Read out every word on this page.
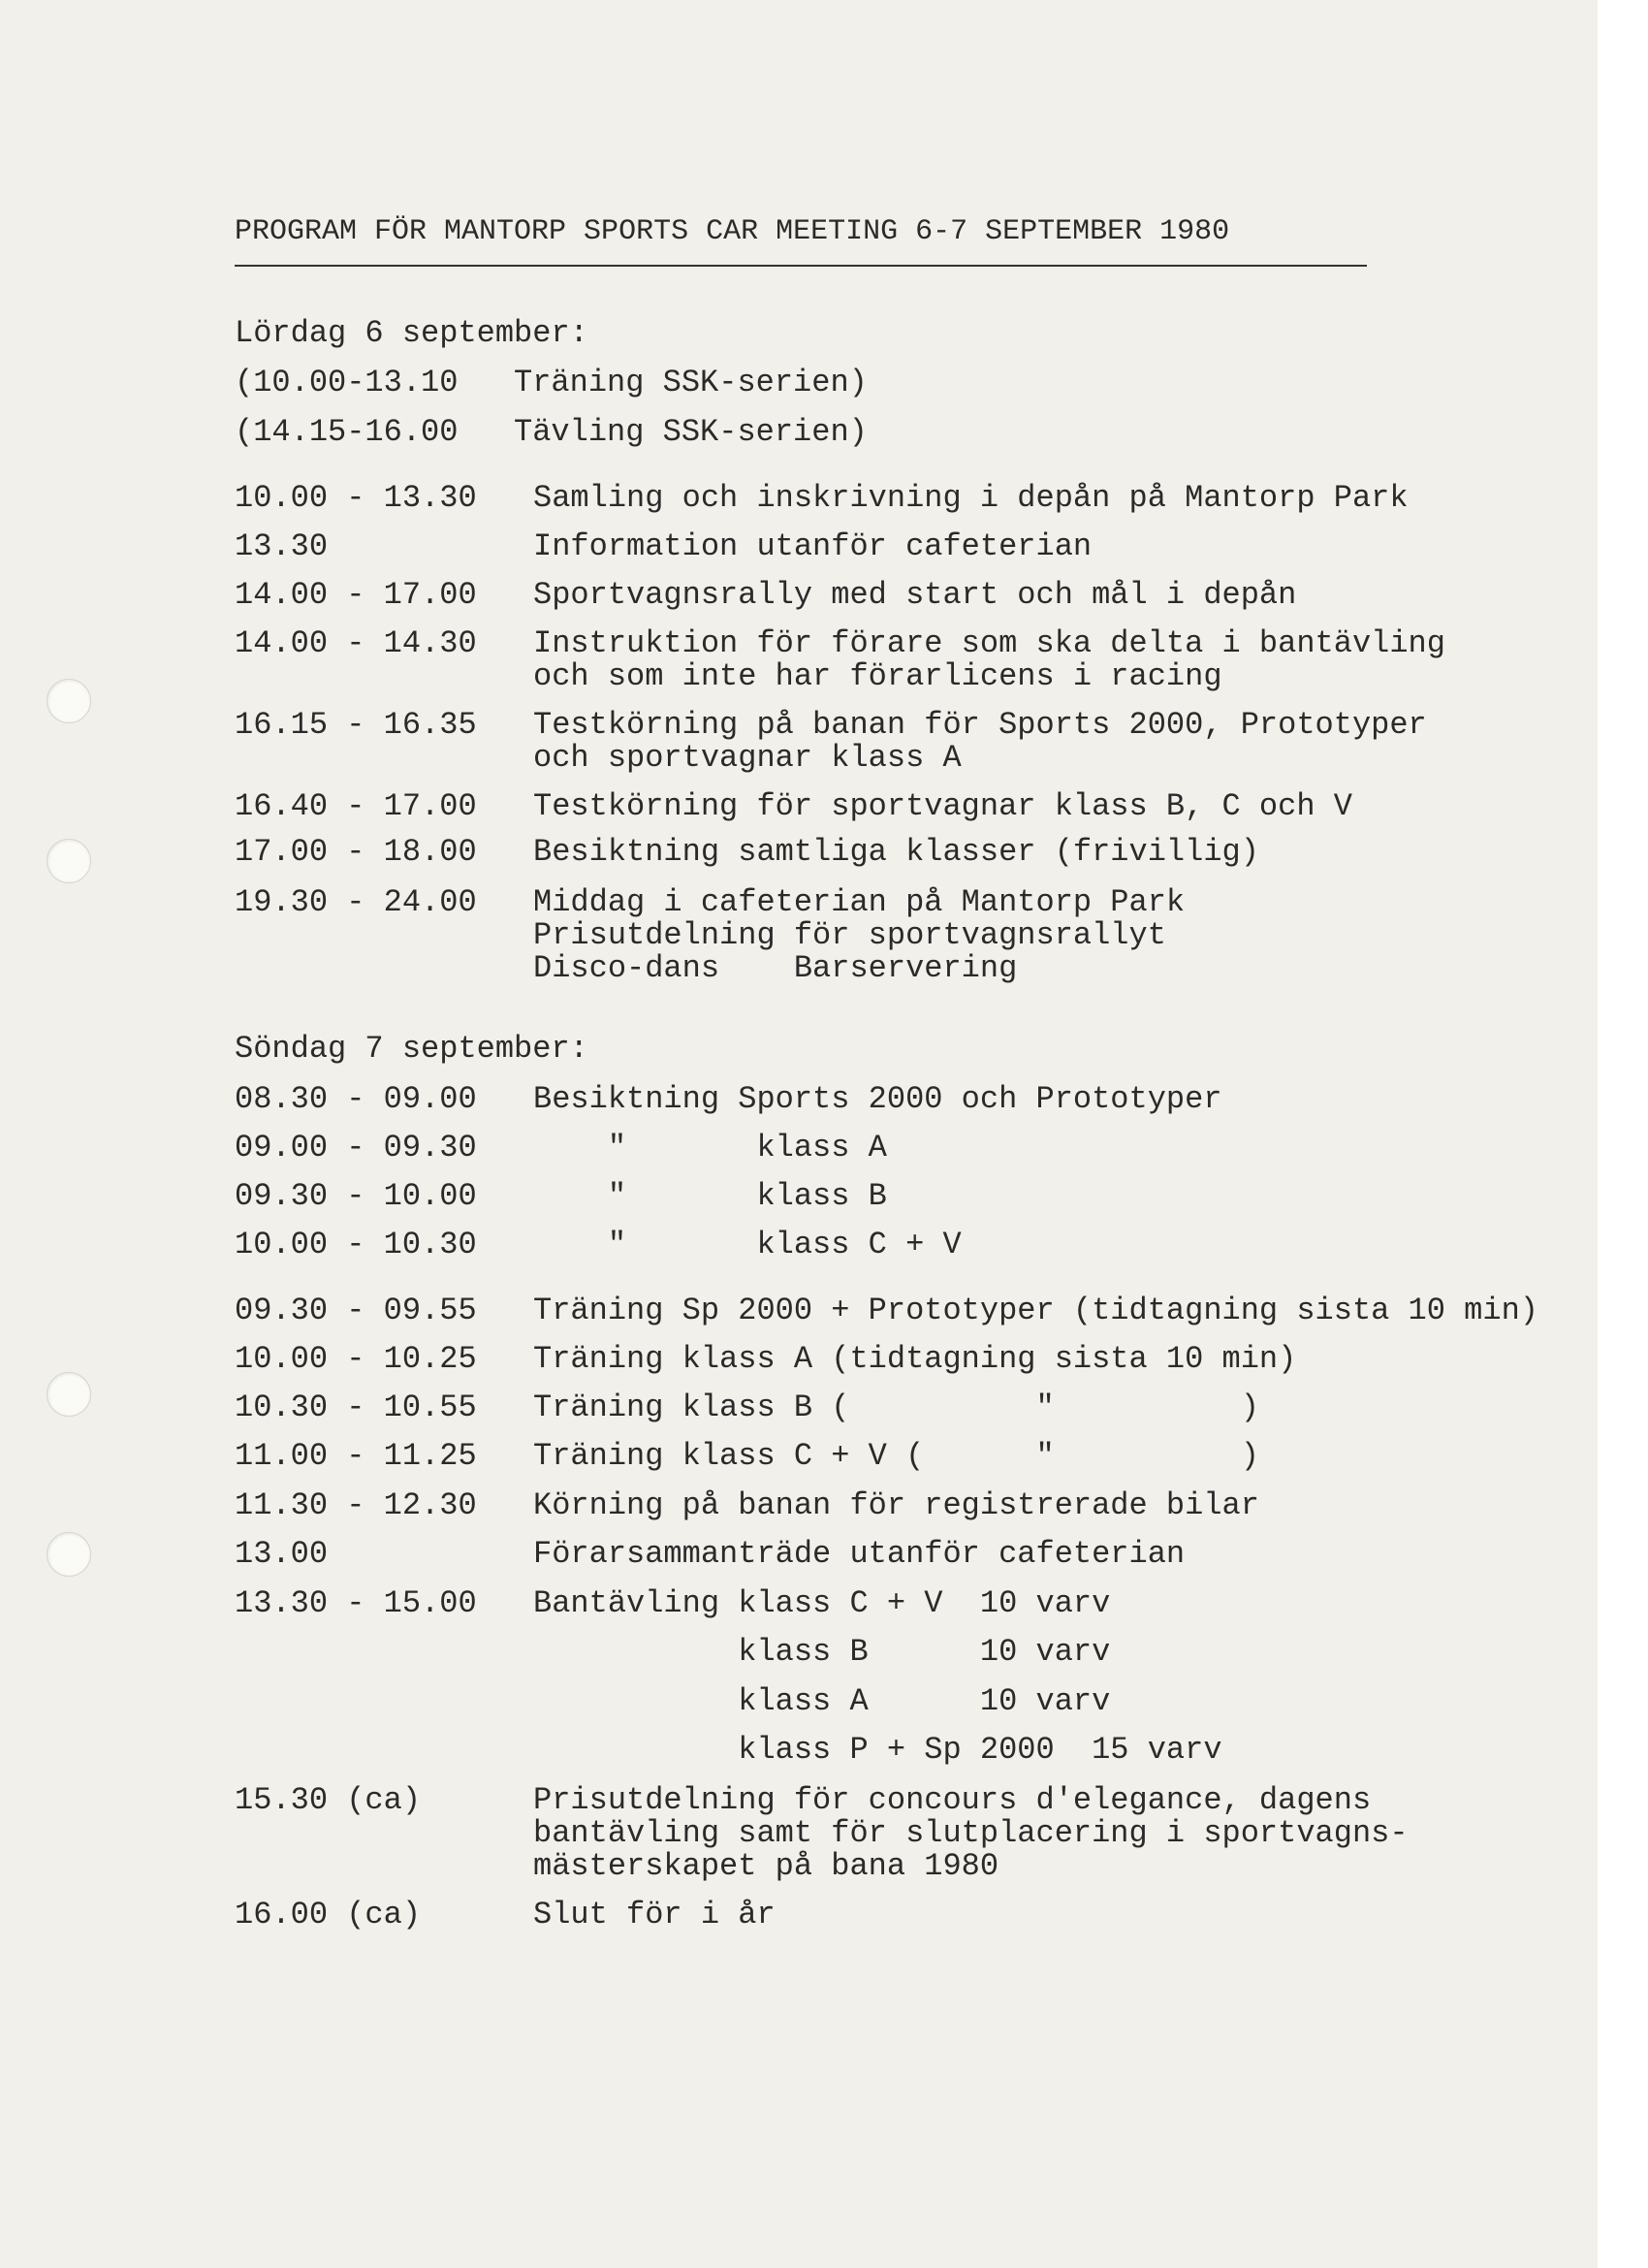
PROGRAM FÖR MANTORP SPORTS CAR MEETING 6-7 SEPTEMBER 1980
Lördag 6 september:
(10.00-13.10 Träning SSK-serien)
(14.15-16.00 Tävling SSK-serien)
10.00 - 13.30 Samling och inskrivning i depån på Mantorp Park
13.30	Information utanför cafeterian
14.00 - 17.00 Sportvagnsrally med start och mål i depån
14.00 - 14.30 Instruktion för förare som ska delta i bantävling
och som inte har förarlicens i racing
16.15 - 16.35 Testkörning på banan för Sports 2000, Prototyper
och sportvagnar klass A
16.40 - 17.00 Testkörning för sportvagnar klass B, C och V
17.00 - 18.00 Besiktning samtliga klasser (frivillig)
19.30 - 24.00 Middag i cafeterian på Mantorp Park
Prisutdelning för sportvagnsrallyt
Disco-dans    Barservering
Söndag 7 september:
08.30 - 09.00 Besiktning Sports 2000 och Prototyper
09.00 - 09.30 "       klass A
09.30 - 10.00 "       klass B
10.00 - 10.30 "       klass C + V
09.30 - 09.55 Träning Sp 2000 + Prototyper (tidtagning sista 10 min)
10.00 - 10.25 Träning klass A (tidtagning sista 10 min)
10.30 - 10.55 Träning klass B (          "          )
11.00 - 11.25 Träning klass C + V (      "          )
11.30 - 12.30 Körning på banan för registrerade bilar
13.00	Förarsammanträde utanför cafeterian
13.30 - 15.00 Bantävling klass C + V  10 varv
klass B      10 varv
klass A      10 varv
klass P + Sp 2000  15 varv
15.30 (ca)	Prisutdelning för concours d'elegance, dagens
bantävling samt för slutplacering i sportvagns-
mästerskapet på bana 1980
16.00 (ca)	Slut för i år
